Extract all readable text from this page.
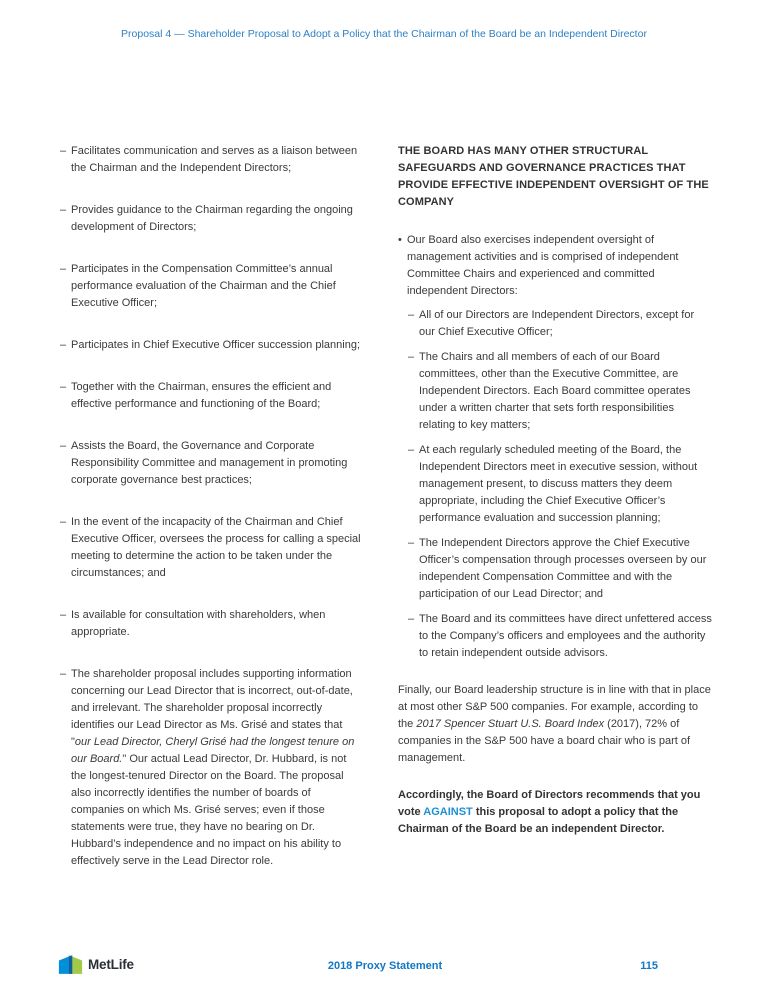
Proposal 4 — Shareholder Proposal to Adopt a Policy that the Chairman of the Board be an Independent Director
– Facilitates communication and serves as a liaison between the Chairman and the Independent Directors;
– Provides guidance to the Chairman regarding the ongoing development of Directors;
– Participates in the Compensation Committee’s annual performance evaluation of the Chairman and the Chief Executive Officer;
– Participates in Chief Executive Officer succession planning;
– Together with the Chairman, ensures the efficient and effective performance and functioning of the Board;
– Assists the Board, the Governance and Corporate Responsibility Committee and management in promoting corporate governance best practices;
– In the event of the incapacity of the Chairman and Chief Executive Officer, oversees the process for calling a special meeting to determine the action to be taken under the circumstances; and
– Is available for consultation with shareholders, when appropriate.
– The shareholder proposal includes supporting information concerning our Lead Director that is incorrect, out-of-date, and irrelevant. The shareholder proposal incorrectly identifies our Lead Director as Ms. Grisé and states that "our Lead Director, Cheryl Grisé had the longest tenure on our Board." Our actual Lead Director, Dr. Hubbard, is not the longest-tenured Director on the Board. The proposal also incorrectly identifies the number of boards of companies on which Ms. Grisé serves; even if those statements were true, they have no bearing on Dr. Hubbard’s independence and no impact on his ability to effectively serve in the Lead Director role.
THE BOARD HAS MANY OTHER STRUCTURAL SAFEGUARDS AND GOVERNANCE PRACTICES THAT PROVIDE EFFECTIVE INDEPENDENT OVERSIGHT OF THE COMPANY
• Our Board also exercises independent oversight of management activities and is comprised of independent Committee Chairs and experienced and committed independent Directors:
– All of our Directors are Independent Directors, except for our Chief Executive Officer;
– The Chairs and all members of each of our Board committees, other than the Executive Committee, are Independent Directors. Each Board committee operates under a written charter that sets forth responsibilities relating to key matters;
– At each regularly scheduled meeting of the Board, the Independent Directors meet in executive session, without management present, to discuss matters they deem appropriate, including the Chief Executive Officer’s performance evaluation and succession planning;
– The Independent Directors approve the Chief Executive Officer’s compensation through processes overseen by our independent Compensation Committee and with the participation of our Lead Director; and
– The Board and its committees have direct unfettered access to the Company’s officers and employees and the authority to retain independent outside advisors.
Finally, our Board leadership structure is in line with that in place at most other S&P 500 companies. For example, according to the 2017 Spencer Stuart U.S. Board Index (2017), 72% of companies in the S&P 500 have a board chair who is part of management.
Accordingly, the Board of Directors recommends that you vote AGAINST this proposal to adopt a policy that the Chairman of the Board be an independent Director.
MetLife	2018 Proxy Statement	115
